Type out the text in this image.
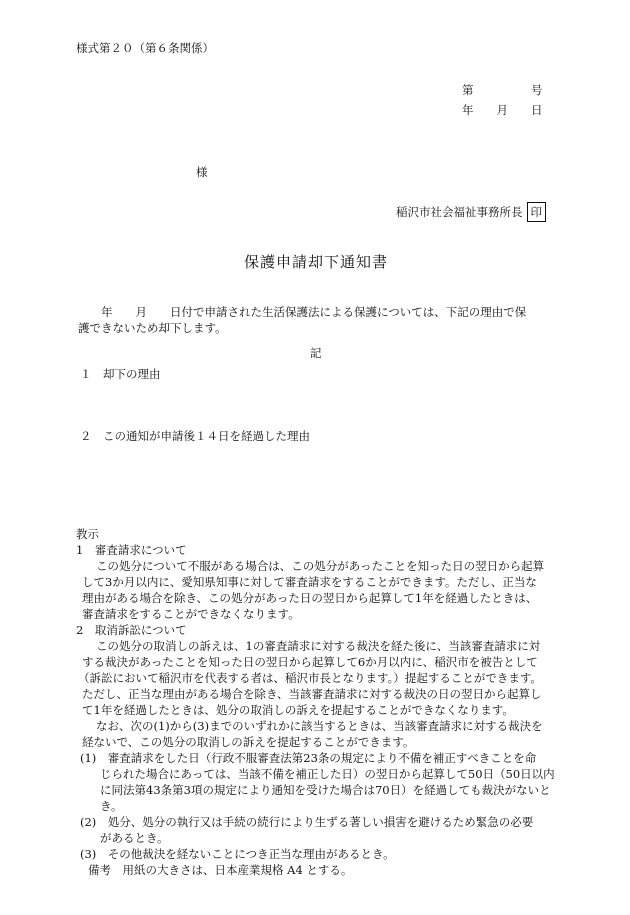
様式第２０（第６条関係）
第　　　　　号
年　　月　　日
様
稲沢市社会福祉事務所長 印
保護申請却下通知書
　　年　　月　　日付で申請された生活保護法による保護については、下記の理由で保
護できないため却下します。
記
１　却下の理由
２　この通知が申請後１４日を経過した理由
教示
1　審査請求について
この処分について不服がある場合は、この処分があったことを知った日の翌日から起算
して3か月以内に、愛知県知事に対して審査請求をすることができます。ただし、正当な
理由がある場合を除き、この処分があった日の翌日から起算して1年を経過したときは、
審査請求をすることができなくなります。
2　取消訴訟について
この処分の取消しの訴えは、1の審査請求に対する裁決を経た後に、当該審査請求に対
する裁決があったことを知った日の翌日から起算して6か月以内に、稲沢市を被告として
（訴訟において稲沢市を代表する者は、稲沢市長となります。）提起することができます。
ただし、正当な理由がある場合を除き、当該審査請求に対する裁決の日の翌日から起算し
て1年を経過したときは、処分の取消しの訴えを提起することができなくなります。
なお、次の(1)から(3)までのいずれかに該当するときは、当該審査請求に対する裁決を
経ないで、この処分の取消しの訴えを提起することができます。
(1)　審査請求をした日（行政不服審査法第23条の規定により不備を補正すべきことを命
じられた場合にあっては、当該不備を補正した日）の翌日から起算して50日（50日以内
に同法第43条第3項の規定により通知を受けた場合は70日）を経過しても裁決がないと
き。
(2)　処分、処分の執行又は手続の続行により生ずる著しい損害を避けるため緊急の必要
があるとき。
(3)　その他裁決を経ないことにつき正当な理由があるとき。
備考　用紙の大きさは、日本産業規格 A4 とする。
